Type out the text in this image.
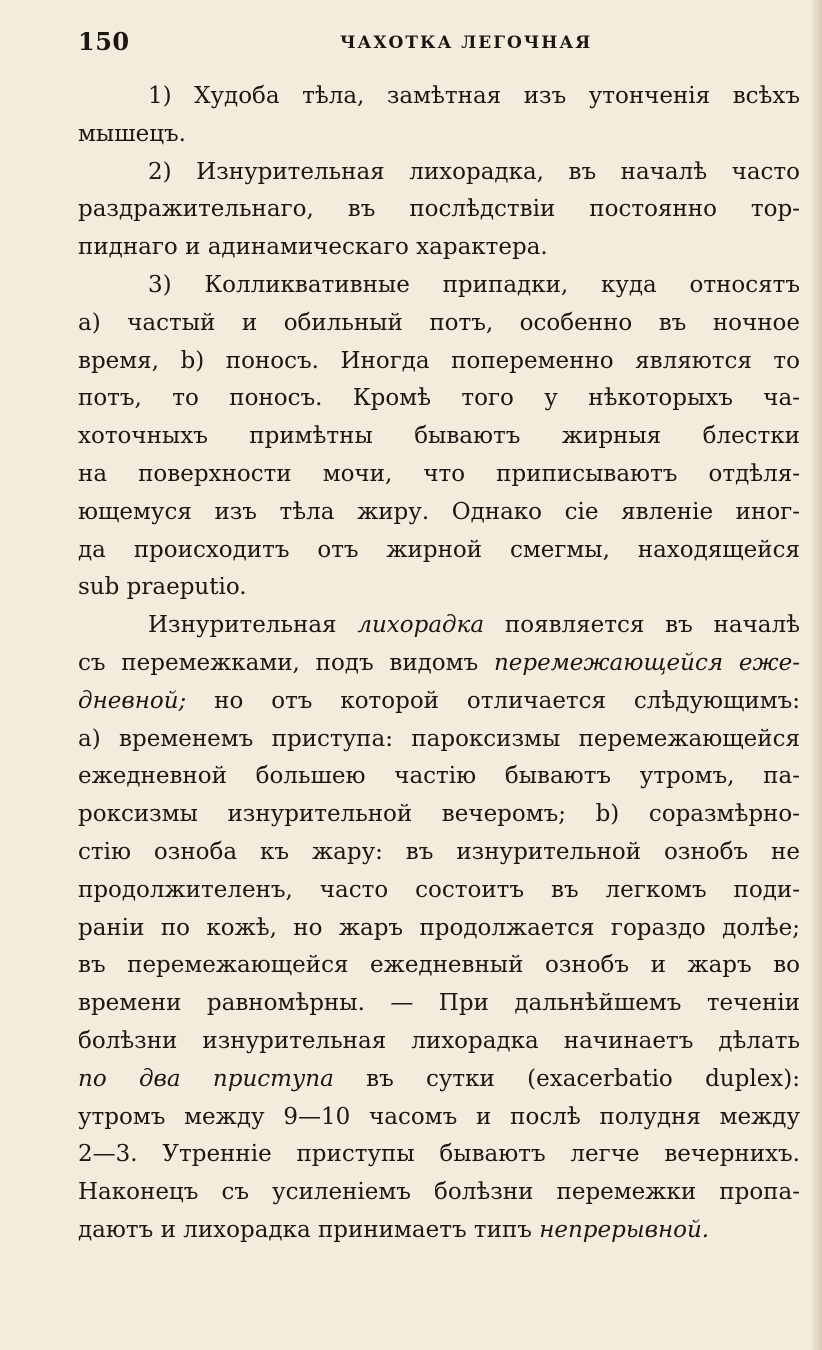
150	ЧАХОТКА ЛЕГОЧНАЯ
1) Худоба тѣла, замѣтная изъ утонченія всѣхъ
мышецъ.
2) Изнурительная лихорадка, въ началѣ часто
раздражительнаго, въ послѣдствіи постоянно тор-
пиднаго и адинамическаго характера.
3) Колликвативные припадки, куда относятъ
a) частый и обильный потъ, особенно въ ночное
время, b) поносъ. Иногда попеременно являются то
потъ, то поносъ. Кромѣ того у нѣкоторыхъ ча-
хоточныхъ примѣтны бываютъ жирныя блестки
на поверхности мочи, что приписываютъ отдѣля-
ющемуся изъ тѣла жиру. Однако сіе явленіе иног-
да происходитъ отъ жирной смегмы, находящейся
sub praeputio.
Изнурительная лихорадка появляется въ началѣ
съ перемежками, подъ видомъ перемежающейся еже-
дневной; но отъ которой отличается слѣдующимъ:
a) временемъ приступа: пароксизмы перемежающейся
ежедневной большею частію бываютъ утромъ, па-
роксизмы изнурительной вечеромъ; b) соразмѣрно-
стію озноба къ жару: въ изнурительной ознобъ не
продолжителенъ, часто состоитъ въ легкомъ поди-
раніи по кожѣ, но жаръ продолжается гораздо долѣе;
въ перемежающейся ежедневный ознобъ и жаръ во
времени равномѣрны. — При дальнѣйшемъ теченіи
болѣзни изнурительная лихорадка начинаетъ дѣлать
по два приступа въ сутки (exacerbatio duplex):
утромъ между 9—10 часомъ и послѣ полудня между
2—3. Утренніе приступы бываютъ легче вечернихъ.
Наконецъ съ усиленіемъ болѣзни перемежки пропа-
даютъ и лихорадка принимаетъ типъ непрерывной.
